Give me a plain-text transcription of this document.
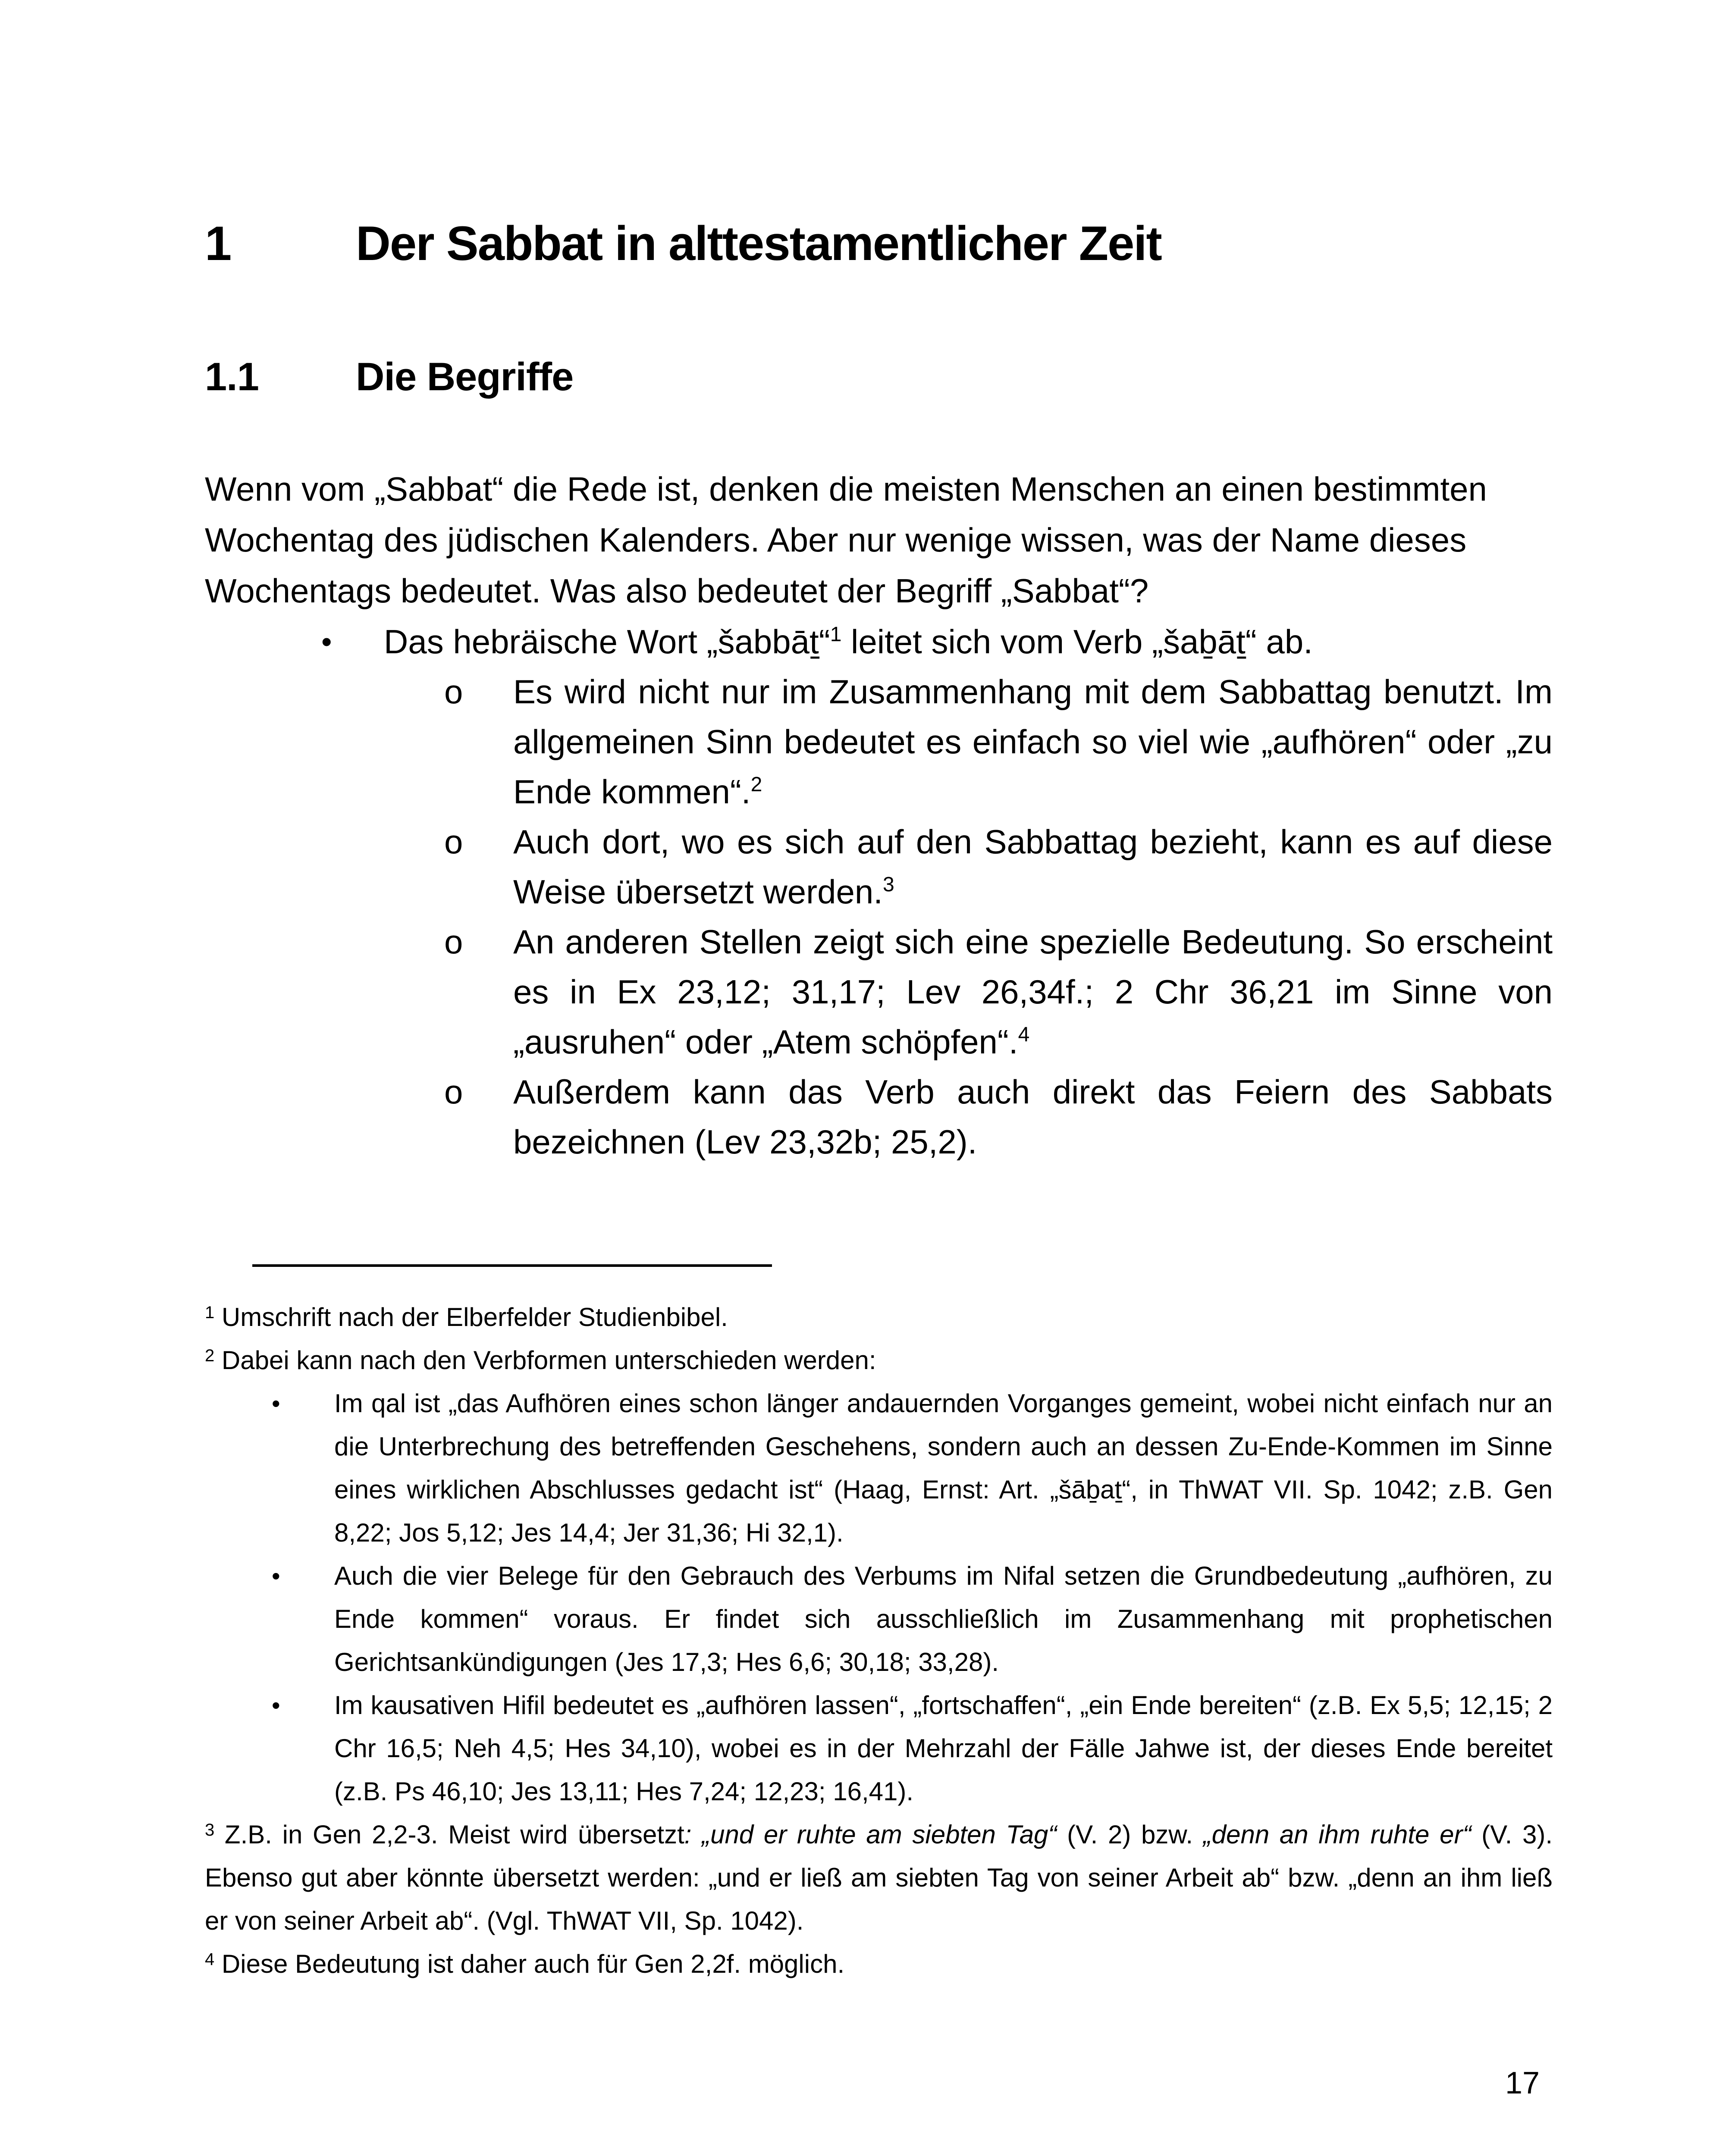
1	Der Sabbat in alttestamentlicher Zeit
1.1 Die Begriffe

Wenn vom „Sabbat“ die Rede ist, denken die meisten Menschen an einen bestimmten Wochentag des jüdischen Kalenders. Aber nur wenige wissen, was der Name dieses Wochentags bedeutet. Was also bedeutet der Begriff „Sabbat“?

• Das hebräische Wort „šabbāṯ“$^1$ leitet sich vom Verb „šaḇāṯ“ ab.

o Es wird nicht nur im Zusammenhang mit dem Sabbattag benutzt. Im allgemeinen Sinn bedeutet es einfach so viel wie „aufhören“ oder „zu Ende kommen“.$^2$

o Auch dort, wo es sich auf den Sabbattag bezieht, kann es auf diese Weise übersetzt werden.$^3$

o An anderen Stellen zeigt sich eine spezielle Bedeutung. So erscheint es in Ex 23,12; 31,17; Lev 26,34f.; 2 Chr 36,21 im Sinne von „ausruhen“ oder „Atem schöpfen“.$^4$

o Außerdem kann das Verb auch direkt das Feiern des Sabbats bezeichnen (Lev 23,32b; 25,2).

$^1$ Umschrift nach der Elberfelder Studienbibel.

$^2$ Dabei kann nach den Verbformen unterschieden werden:

• Im qal ist „das Aufhören eines schon länger andauernden Vorganges gemeint, wobei nicht einfach nur an die Unterbrechung des betreffenden Geschehens, sondern auch an dessen Zu-Ende-Kommen im Sinne eines wirklichen Abschlusses gedacht ist“ (Haag, Ernst: Art. „šāḇaṯ“, in ThWAT VII. Sp. 1042; z.B. Gen 8,22; Jos 5,12; Jes 14,4; Jer 31,36; Hi 32,1).

• Auch die vier Belege für den Gebrauch des Verbums im Nifal setzen die Grundbedeutung „aufhören, zu Ende kommen“ voraus. Er findet sich ausschließlich im Zusammenhang mit prophetischen Gerichtsankündigungen (Jes 17,3; Hes 6,6; 30,18; 33,28).

• Im kausativen Hifil bedeutet es „aufhören lassen“, „fortschaffen“, „ein Ende bereiten“ (z.B. Ex 5,5; 12,15; 2 Chr 16,5; Neh 4,5; Hes 34,10), wobei es in der Mehrzahl der Fälle Jahwe ist, der dieses Ende bereitet (z.B. Ps 46,10; Jes 13,11; Hes 7,24; 12,23; 16,41).

$^3$ Z.B. in Gen 2,2-3. Meist wird übersetzt: „und er ruhte am siebten Tag“ (V. 2) bzw. „denn an ihm ruhte er“ (V. 3). Ebenso gut aber könnte übersetzt werden: „und er ließ am siebten Tag von seiner Arbeit ab“ bzw. „denn an ihm ließ er von seiner Arbeit ab“. (Vgl. ThWAT VII, Sp. 1042).

$^4$ Diese Bedeutung ist daher auch für Gen 2,2f. möglich.

17
